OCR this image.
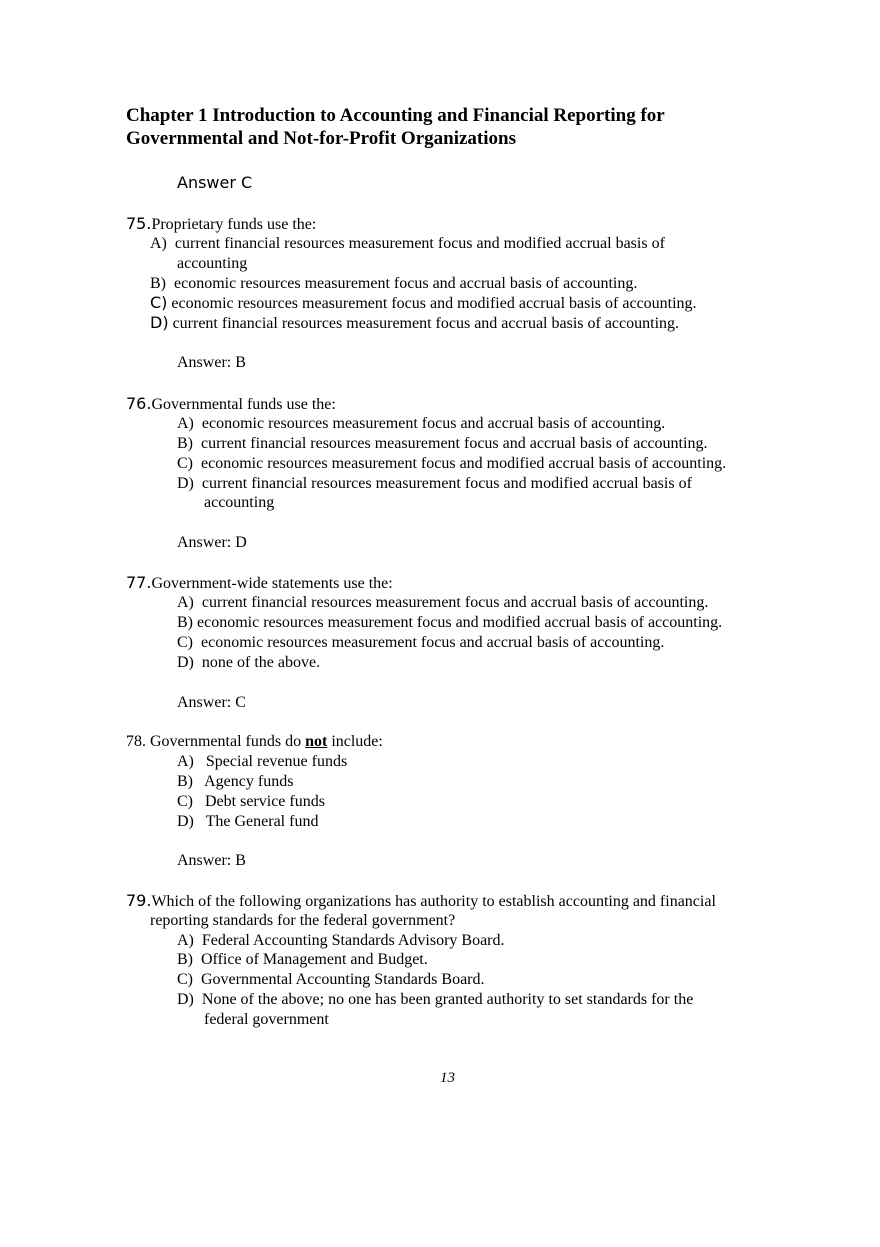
Chapter 1 Introduction to Accounting and Financial Reporting for
Governmental and Not-for-Profit Organizations
Answer C
75.Proprietary funds use the:
A) current financial resources measurement focus and modified accrual basis of
accounting
B) economic resources measurement focus and accrual basis of accounting.
C) economic resources measurement focus and modified accrual basis of accounting.
D) current financial resources measurement focus and accrual basis of accounting.
Answer: B
76.Governmental funds use the:
A) economic resources measurement focus and accrual basis of accounting.
B) current financial resources measurement focus and accrual basis of accounting.
C) economic resources measurement focus and modified accrual basis of accounting.
D) current financial resources measurement focus and modified accrual basis of
accounting
Answer: D
77.Government-wide statements use the:
A) current financial resources measurement focus and accrual basis of accounting.
B) economic resources measurement focus and modified accrual basis of accounting.
C) economic resources measurement focus and accrual basis of accounting.
D) none of the above.
Answer: C
78. Governmental funds do not include:
A) Special revenue funds
B) Agency funds
C) Debt service funds
D) The General fund
Answer: B
79.Which of the following organizations has authority to establish accounting and financial
reporting standards for the federal government?
A) Federal Accounting Standards Advisory Board.
B) Office of Management and Budget.
C) Governmental Accounting Standards Board.
D) None of the above; no one has been granted authority to set standards for the
federal government
13
